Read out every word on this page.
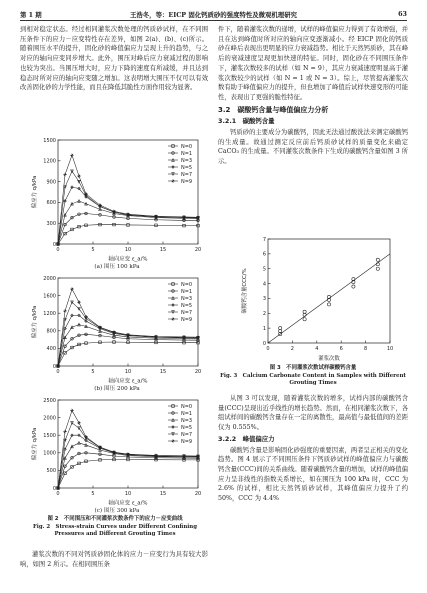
第 1 期	王浩冬，等：EICP 固化钙质砂的强度特性及微观机理研究	63

到相对稳定状态。经过相同灌浆次数处理的钙质砂试样，在不同围压条件下的应力－应变特性存在差异，如图 2(a)、(b)、(c)所示。随着围压水平的提升，固化砂的峰值偏应力呈现上升的趋势，与之对应的轴向应变同步增大。此外，围压对峰后应力衰减过程的影响也较为突出。当围压增大时，应力下降的速度有所减缓，并且达到稳态时所对应的轴向应变随之增加。这表明增大围压不仅可以有效改善固化砂的力学性能，而且在降低其脆性方面作用较为显著。

0	5	10	15	20
0
300
600
900
1200
1500
轴向应变 ε_a/%
偏应力 q/kPa
N=0
N=1
N=3
N=5
N=7
N=9
(a) 围压 100 kPa
0	5	10	15	20
0
400
800
1200
1600
2000
轴向应变 ε_a/%
偏应力 q/kPa
N=0
N=1
N=3
N=5
N=7
N=9
(b) 围压 200 kPa
0	5	10	15	20
0
500
1000
1500
2000
2500
轴向应变 ε_a/%
偏应力 q/kPa
N=0
N=1
N=3
N=5
N=7
N=9
(c) 围压 300 kPa
图 2　 不同围压和不同灌浆次数条件下的应力－应变曲线
Fig. 2　 Stress-strain Curves under Different Confining Pressures and Different Grouting Times

灌浆次数的不同对钙质砂固化体的应力－应变行为具有较大影响，如图 2 所示。在相同围压条

件下，随着灌浆次数的递增，试样的峰值偏应力得到了有效增强，并且在达到峰值时所对应的轴向应变逐渐减小。经 EICP 固化的钙质砂在峰后表现出更明显的应力衰减趋势。相比于天然钙质砂，其在峰后的衰减速度呈现更加快速的特征。同时，固化砂在不同围压条件下，灌浆次数较多的试样（如 N = 9），其应力衰减速度明显高于灌浆次数较少的试样（如 N = 1 或 N = 3）。综上，尽管提高灌浆次数有助于峰值偏应力的提升，但也增加了峰值后试样快速变形的可能性，表现出了更强的脆性特征。

3.2　碳酸钙含量与峰值偏应力分析
3.2.1　碳酸钙含量

钙质砂的主要成分为碳酸钙，因此无法通过酸洗法来测定碳酸钙的生成量。故通过测定反应前后钙质砂试样的质量变化来确定 CaCO₃ 的生成量。不同灌浆次数条件下生成的碳酸钙含量如图 3 所示。

0	2	4	6	8	10
0
1
2
3
4
5
6
7
灌浆次数
碳酸钙含量CCC/%
图 3　 不同灌浆次数试样碳酸钙含量
Fig. 3　 Calcium Carbonate Content in Samples with Different Grouting Times

从图 3 可以发现，随着灌浆次数的增多，试样内部的碳酸钙含量(CCC)呈现出近乎线性的增长趋势。然而，在相同灌浆次数下，各组试样间的碳酸钙含量存在一定的离散性，最高值与最低值间的差距仅为 0.555%。

3.2.2　峰值偏应力

碳酸钙含量是影响固化砂强度的重要因素，两者呈正相关的变化趋势。图 4 展示了不同围压条件下钙质砂试样的峰值偏应力与碳酸钙含量(CCC)间的关系曲线。随着碳酸钙含量的增加，试样的峰值偏应力呈非线性的指数关系增长，如在围压为 100 kPa 时，CCC 为 2.6% 的试样，相比天然钙质砂试样，其峰值偏应力提升了约 50%，CCC 为 4.4%
